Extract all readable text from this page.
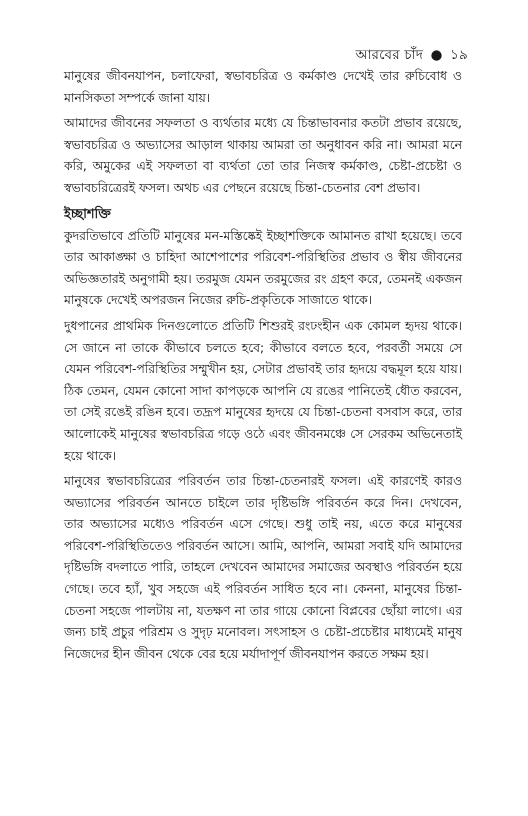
আরবের চাঁদ ● ১৯

মানুষের জীবনযাপন, চলাফেরা, স্বভাবচরিত্র ও কর্মকাণ্ড দেখেই তার রুচিবোধ ও মানসিকতা সম্পর্কে জানা যায়।

আমাদের জীবনের সফলতা ও ব্যর্থতার মধ্যে যে চিন্তাভাবনার কতটা প্রভাব রয়েছে, স্বভাবচরিত্র ও অভ্যাসের আড়াল থাকায় আমরা তা অনুধাবন করি না। আমরা মনে করি, অমুকের এই সফলতা বা ব্যর্থতা তো তার নিজস্ব কর্মকাণ্ড, চেষ্টা-প্রচেষ্টা ও স্বভাবচরিত্রেরই ফসল। অথচ এর পেছনে রয়েছে চিন্তা-চেতনার বেশ প্রভাব।

ইচ্ছাশক্তি

কুদরতিভাবে প্রতিটি মানুষের মন-মস্তিষ্কেই ইচ্ছাশক্তিকে আমানত রাখা হয়েছে। তবে তার আকাঙ্ক্ষা ও চাহিদা আশেপাশের পরিবেশ-পরিস্থিতির প্রভাব ও স্বীয় জীবনের অভিজ্ঞতারই অনুগামী হয়। তরমুজ যেমন তরমুজের রং গ্রহণ করে, তেমনই একজন মানুষকে দেখেই অপরজন নিজের রুচি-প্রকৃতিকে সাজাতে থাকে।

দুধপানের প্রাথমিক দিনগুলোতে প্রতিটি শিশুরই রংঢংহীন এক কোমল হৃদয় থাকে। সে জানে না তাকে কীভাবে চলতে হবে; কীভাবে বলতে হবে, পরবর্তী সময়ে সে যেমন পরিবেশ-পরিস্থিতির সম্মুখীন হয়, সেটার প্রভাবই তার হৃদয়ে বদ্ধমূল হয়ে যায়। ঠিক তেমন, যেমন কোনো সাদা কাপড়কে আপনি যে রঙের পানিতেই ধৌত করবেন, তা সেই রঙেই রঙিন হবে। তদ্রূপ মানুষের হৃদয়ে যে চিন্তা-চেতনা বসবাস করে, তার আলোকেই মানুষের স্বভাবচরিত্র গড়ে ওঠে এবং জীবনমঞ্চে সে সেরকম অভিনেতাই হয়ে থাকে।

মানুষের স্বভাবচরিত্রের পরিবর্তন তার চিন্তা-চেতনারই ফসল। এই কারণেই কারও অভ্যাসের পরিবর্তন আনতে চাইলে তার দৃষ্টিভঙ্গি পরিবর্তন করে দিন। দেখবেন, তার অভ্যাসের মধ্যেও পরিবর্তন এসে গেছে। শুধু তাই নয়, এতে করে মানুষের পরিবেশ-পরিস্থিতিতেও পরিবর্তন আসে। আমি, আপনি, আমরা সবাই যদি আমাদের দৃষ্টিভঙ্গি বদলাতে পারি, তাহলে দেখবেন আমাদের সমাজের অবস্থাও পরিবর্তন হয়ে গেছে। তবে হ্যাঁ, খুব সহজে এই পরিবর্তন সাধিত হবে না। কেননা, মানুষের চিন্তা-চেতনা সহজে পালটায় না, যতক্ষণ না তার গায়ে কোনো বিপ্লবের ছোঁয়া লাগে। এর জন্য চাই প্রচুর পরিশ্রম ও সুদৃঢ় মনোবল। সৎসাহস ও চেষ্টা-প্রচেষ্টার মাধ্যমেই মানুষ নিজেদের হীন জীবন থেকে বের হয়ে মর্যাদাপূর্ণ জীবনযাপন করতে সক্ষম হয়।
